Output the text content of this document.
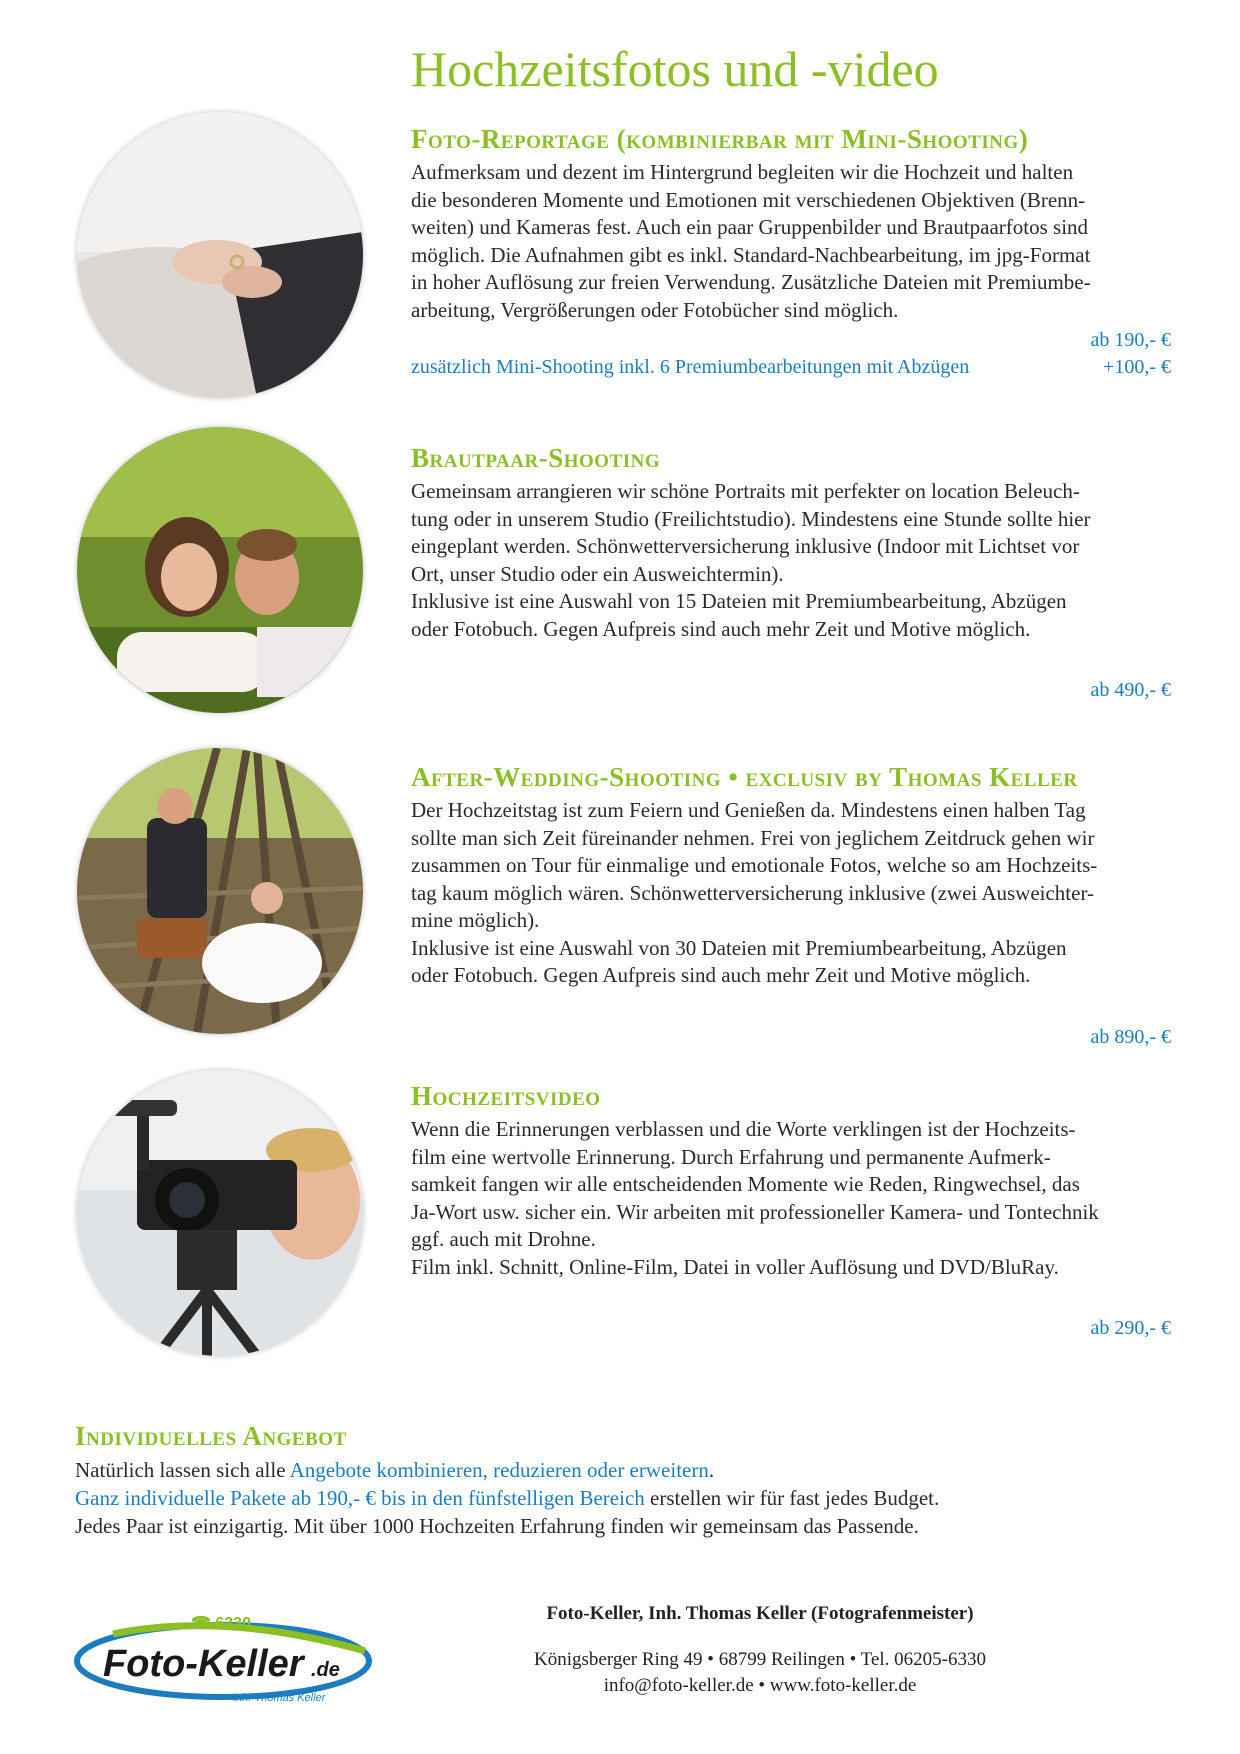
Hochzeitsfotos und -video
Foto-Reportage (kombinierbar mit Mini-Shooting)

Aufmerksam und dezent im Hintergrund begleiten wir die Hochzeit und halten
die besonderen Momente und Emotionen mit verschiedenen Objektiven (Brenn-
weiten) und Kameras fest. Auch ein paar Gruppenbilder und Brautpaarfotos sind
möglich. Die Aufnahmen gibt es inkl. Standard-Nachbearbeitung, im jpg-Format
in hoher Auflösung zur freien Verwendung. Zusätzliche Dateien mit Premiumbe-
arbeitung, Vergrößerungen oder Fotobücher sind möglich.

ab 190,- €
zusätzlich Mini-Shooting inkl. 6 Premiumbearbeitungen mit Abzügen	+100,- €
Brautpaar-Shooting

Gemeinsam arrangieren wir schöne Portraits mit perfekter on location Beleuch-
tung oder in unserem Studio (Freilichtstudio). Mindestens eine Stunde sollte hier
eingeplant werden. Schönwetterversicherung inklusive (Indoor mit Lichtset vor
Ort, unser Studio oder ein Ausweichtermin).
Inklusive ist eine Auswahl von 15 Dateien mit Premiumbearbeitung, Abzügen
oder Fotobuch. Gegen Aufpreis sind auch mehr Zeit und Motive möglich.

ab 490,- €
After-Wedding-Shooting • exclusiv by Thomas Keller

Der Hochzeitstag ist zum Feiern und Genießen da. Mindestens einen halben Tag
sollte man sich Zeit füreinander nehmen. Frei von jeglichem Zeitdruck gehen wir
zusammen on Tour für einmalige und emotionale Fotos, welche so am Hochzeits-
tag kaum möglich wären. Schönwetterversicherung inklusive (zwei Ausweichter-
mine möglich).
Inklusive ist eine Auswahl von 30 Dateien mit Premiumbearbeitung, Abzügen
oder Fotobuch. Gegen Aufpreis sind auch mehr Zeit und Motive möglich.

ab 890,- €
Hochzeitsvideo

Wenn die Erinnerungen verblassen und die Worte verklingen ist der Hochzeits-
film eine wertvolle Erinnerung. Durch Erfahrung und permanente Aufmerk-
samkeit fangen wir alle entscheidenden Momente wie Reden, Ringwechsel, das
Ja-Wort usw. sicher ein. Wir arbeiten mit professioneller Kamera- und Tontechnik
ggf. auch mit Drohne.
Film inkl. Schnitt, Online-Film, Datei in voller Auflösung und DVD/BluRay.

ab 290,- €
Individuelles Angebot

Natürlich lassen sich alle Angebote kombinieren, reduzieren oder erweitern.

Ganz individuelle Pakete ab 190,- € bis in den fünfstelligen Bereich erstellen wir für fast jedes Budget.

Jedes Paar ist einzigartig. Mit über 1000 Hochzeiten Erfahrung finden wir gemeinsam das Passende.

☎ 6330
Foto-Keller .de
Inh. Thomas Keller
Foto-Keller, Inh. Thomas Keller (Fotografenmeister)
Königsberger Ring 49 • 68799 Reilingen • Tel. 06205-6330
info@foto-keller.de • www.foto-keller.de
